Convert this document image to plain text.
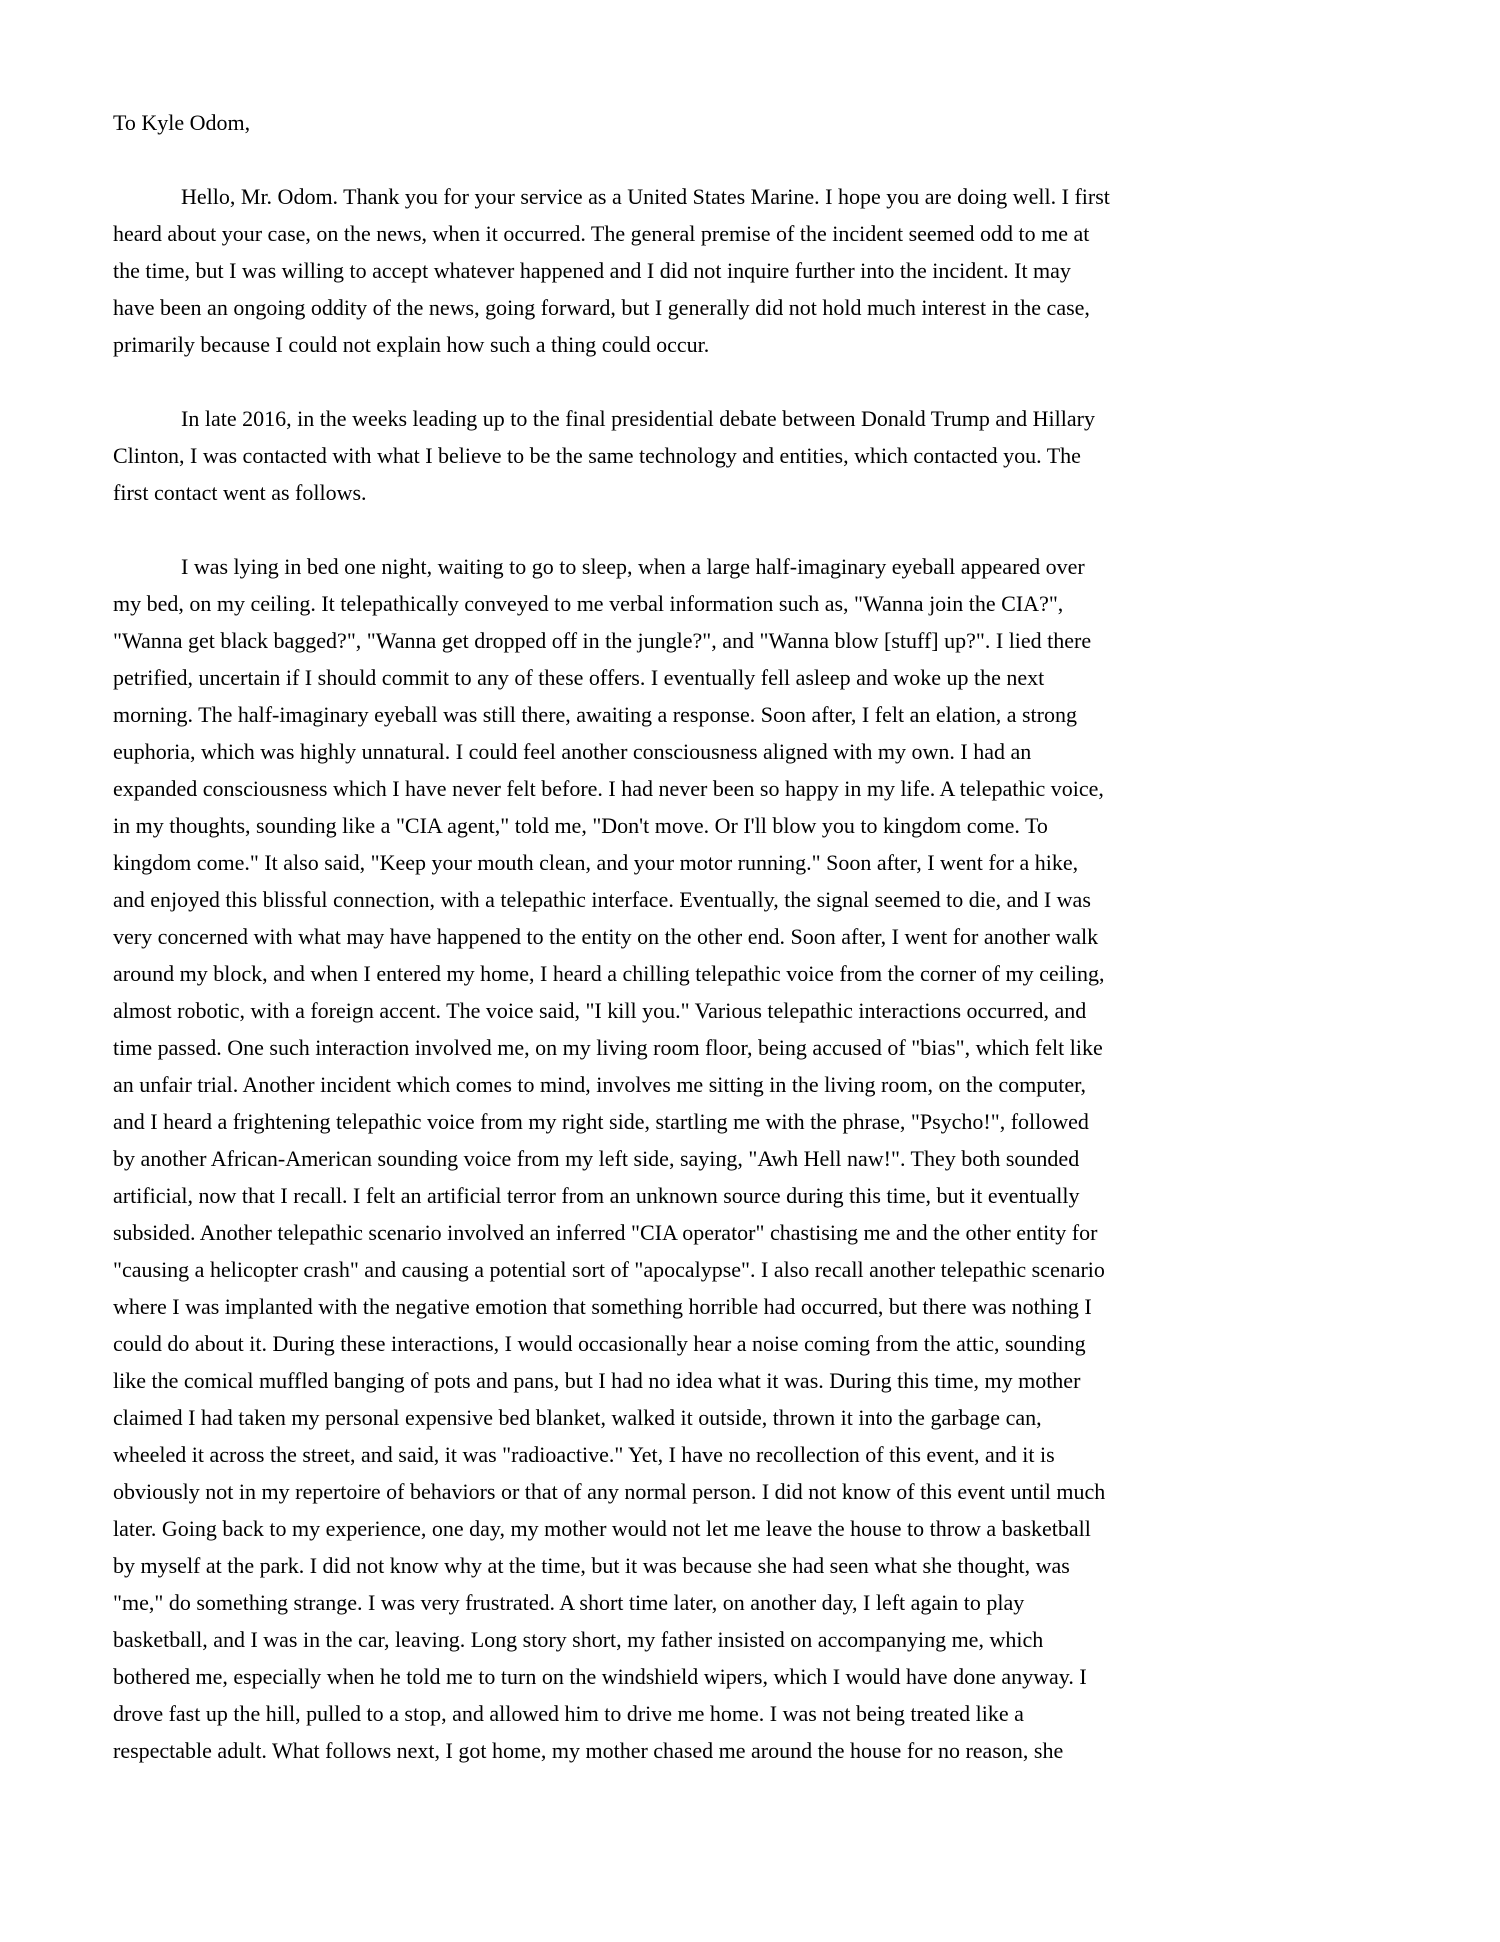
To Kyle Odom,

Hello, Mr. Odom. Thank you for your service as a United States Marine. I hope you are doing well. I first heard about your case, on the news, when it occurred. The general premise of the incident seemed odd to me at the time, but I was willing to accept whatever happened and I did not inquire further into the incident. It may have been an ongoing oddity of the news, going forward, but I generally did not hold much interest in the case, primarily because I could not explain how such a thing could occur.

In late 2016, in the weeks leading up to the final presidential debate between Donald Trump and Hillary Clinton, I was contacted with what I believe to be the same technology and entities, which contacted you. The first contact went as follows.

I was lying in bed one night, waiting to go to sleep, when a large half-imaginary eyeball appeared over my bed, on my ceiling. It telepathically conveyed to me verbal information such as, "Wanna join the CIA?", "Wanna get black bagged?", "Wanna get dropped off in the jungle?", and "Wanna blow [stuff] up?". I lied there petrified, uncertain if I should commit to any of these offers. I eventually fell asleep and woke up the next morning. The half-imaginary eyeball was still there, awaiting a response. Soon after, I felt an elation, a strong euphoria, which was highly unnatural. I could feel another consciousness aligned with my own. I had an expanded consciousness which I have never felt before. I had never been so happy in my life. A telepathic voice, in my thoughts, sounding like a "CIA agent," told me, "Don't move. Or I'll blow you to kingdom come. To kingdom come." It also said, "Keep your mouth clean, and your motor running." Soon after, I went for a hike, and enjoyed this blissful connection, with a telepathic interface. Eventually, the signal seemed to die, and I was very concerned with what may have happened to the entity on the other end. Soon after, I went for another walk around my block, and when I entered my home, I heard a chilling telepathic voice from the corner of my ceiling, almost robotic, with a foreign accent. The voice said, "I kill you." Various telepathic interactions occurred, and time passed. One such interaction involved me, on my living room floor, being accused of "bias", which felt like an unfair trial. Another incident which comes to mind, involves me sitting in the living room, on the computer, and I heard a frightening telepathic voice from my right side, startling me with the phrase, "Psycho!", followed by another African-American sounding voice from my left side, saying, "Awh Hell naw!". They both sounded artificial, now that I recall. I felt an artificial terror from an unknown source during this time, but it eventually subsided. Another telepathic scenario involved an inferred "CIA operator" chastising me and the other entity for "causing a helicopter crash" and causing a potential sort of "apocalypse". I also recall another telepathic scenario where I was implanted with the negative emotion that something horrible had occurred, but there was nothing I could do about it. During these interactions, I would occasionally hear a noise coming from the attic, sounding like the comical muffled banging of pots and pans, but I had no idea what it was. During this time, my mother claimed I had taken my personal expensive bed blanket, walked it outside, thrown it into the garbage can, wheeled it across the street, and said, it was "radioactive." Yet, I have no recollection of this event, and it is obviously not in my repertoire of behaviors or that of any normal person. I did not know of this event until much later. Going back to my experience, one day, my mother would not let me leave the house to throw a basketball by myself at the park. I did not know why at the time, but it was because she had seen what she thought, was "me," do something strange. I was very frustrated. A short time later, on another day, I left again to play basketball, and I was in the car, leaving. Long story short, my father insisted on accompanying me, which bothered me, especially when he told me to turn on the windshield wipers, which I would have done anyway. I drove fast up the hill, pulled to a stop, and allowed him to drive me home. I was not being treated like a respectable adult. What follows next, I got home, my mother chased me around the house for no reason, she
